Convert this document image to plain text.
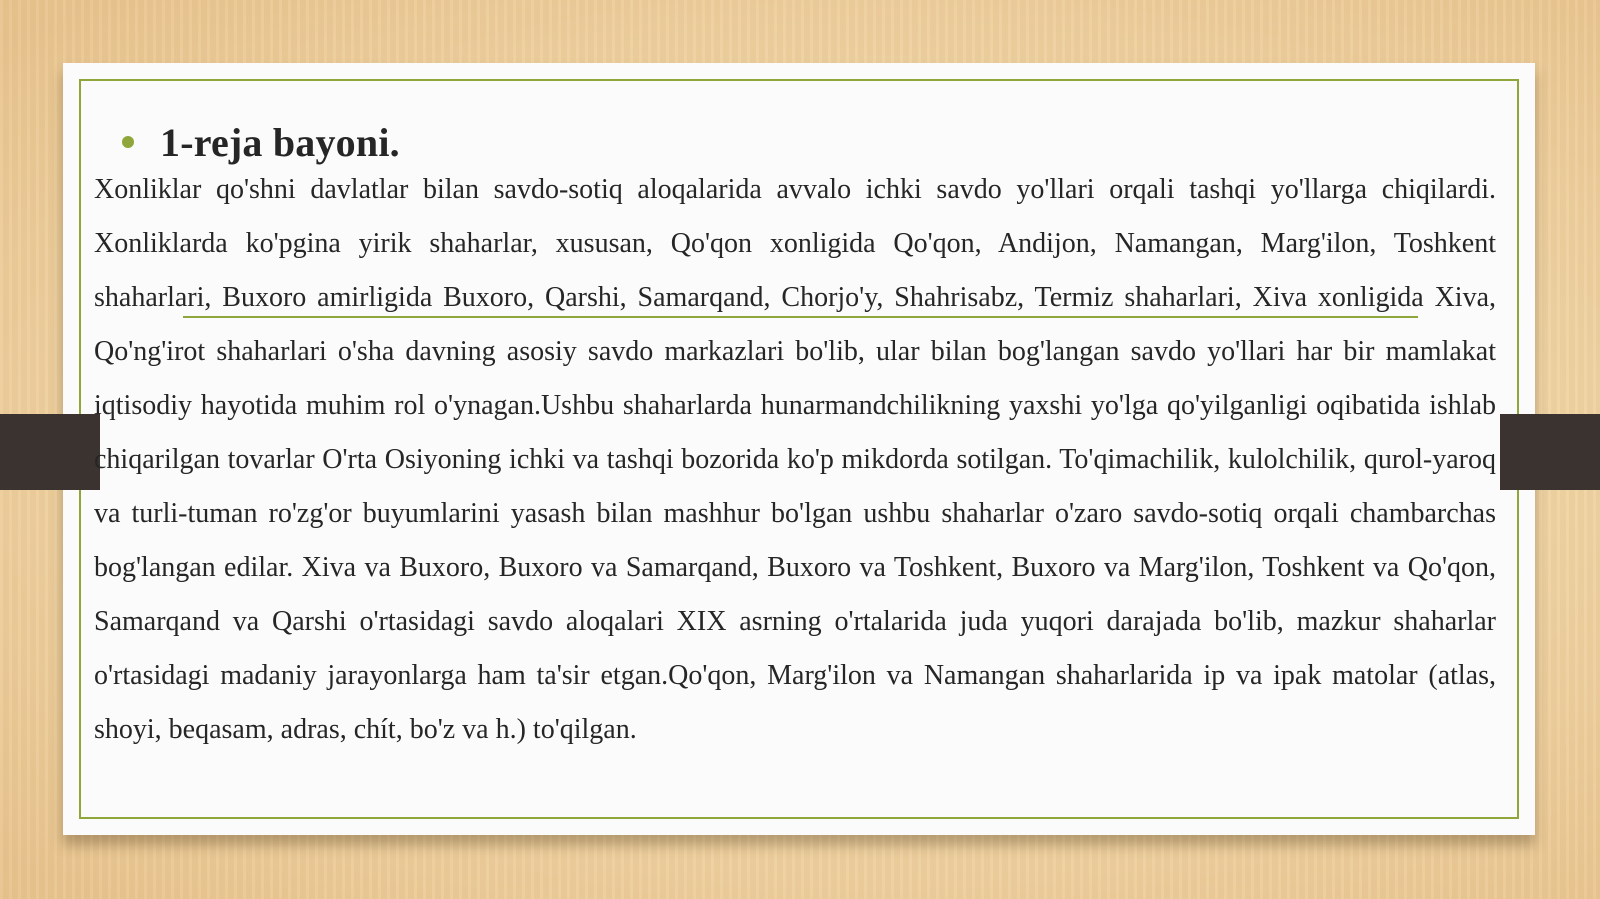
1-reja bayoni.

Xonliklar qo'shni davlatlar bilan savdo-sotiq aloqalarida avvalo ichki savdo yo'llari orqali tashqi yo'llarga chiqilardi. Xonliklarda ko'pgina yirik shaharlar, xususan, Qo'qon xonligida Qo'qon, Andijon, Namangan, Marg'ilon, Toshkent shaharlari, Buxoro amirligida Buxoro, Qarshi, Samarqand, Chorjo'y, Shahrisabz, Termiz shaharlari, Xiva xonligida Xiva, Qo'ng'irot shaharlari o'sha davning asosiy savdo markazlari bo'lib, ular bilan bog'langan savdo yo'llari har bir mamlakat iqtisodiy hayotida muhim rol o'ynagan.Ushbu shaharlarda hunarmandchilikning yaxshi yo'lga qo'yilganligi oqibatida ishlab chiqarilgan tovarlar O'rta Osiyoning ichki va tashqi bozorida ko'p mikdorda sotilgan. To'qimachilik, kulolchilik, qurol-yaroq va turli-tuman ro'zg'or buyumlarini yasash bilan mashhur bo'lgan ushbu shaharlar o'zaro savdo-sotiq orqali chambarchas bog'langan edilar. Xiva va Buxoro, Buxoro va Samarqand, Buxoro va Toshkent, Buxoro va Marg'ilon, Toshkent va Qo'qon, Samarqand va Qarshi o'rtasidagi savdo aloqalari XIX asrning o'rtalarida juda yuqori darajada bo'lib, mazkur shaharlar o'rtasidagi madaniy jarayonlarga ham ta'sir etgan.Qo'qon, Marg'ilon va Namangan shaharlarida ip va ipak matolar (atlas, shoyi, beqasam, adras, chít, bo'z va h.) to'qilgan.
